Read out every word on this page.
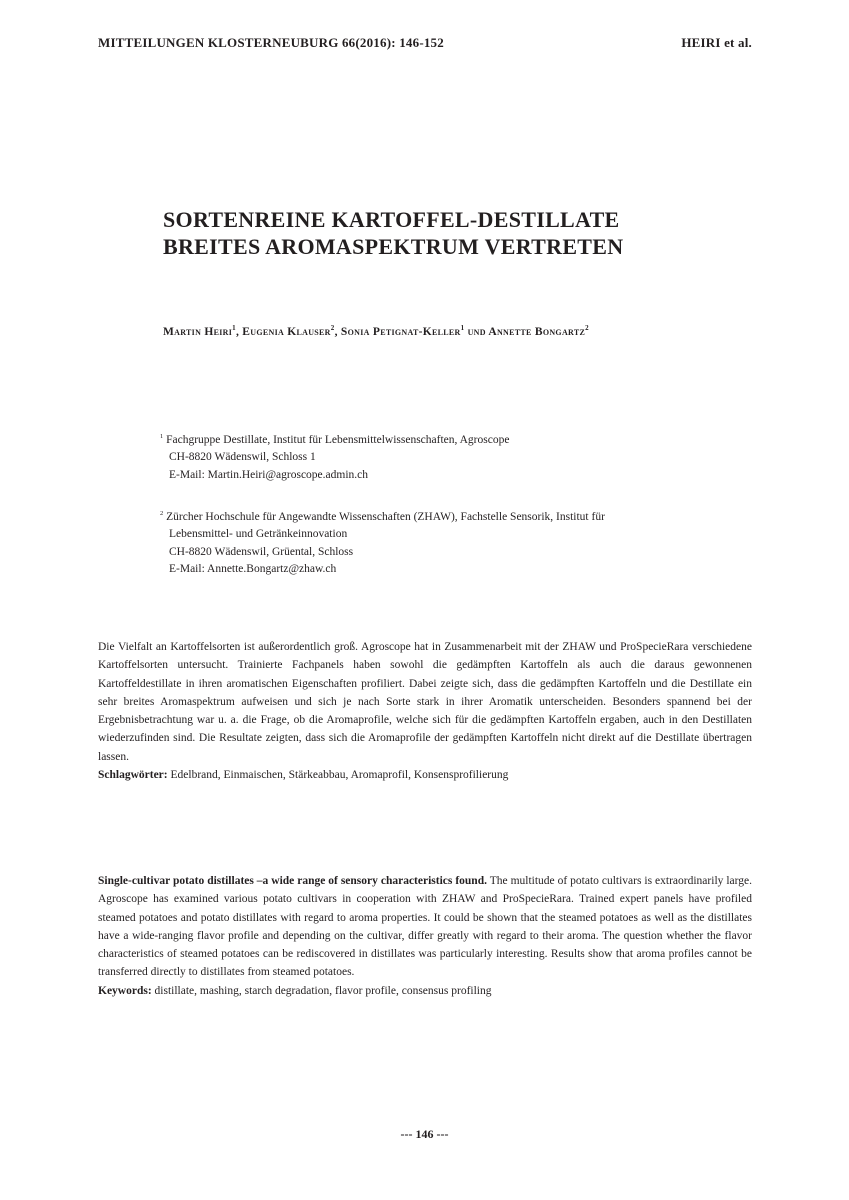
MITTEILUNGEN KLOSTERNEUBURG 66(2016): 146-152	HEIRI et al.
SORTENREINE KARTOFFEL-DESTILLATE
BREITES AROMASPEKTRUM VERTRETEN
Martin Heiri$^1$, Eugenia Klauser$^2$, Sonia Petignat-Keller$^1$ und Annette Bongartz$^2$
$^1$ Fachgruppe Destillate, Institut für Lebensmittelwissenschaften, Agroscope
CH-8820 Wädenswil, Schloss 1
E-Mail: Martin.Heiri@agroscope.admin.ch
$^2$ Zürcher Hochschule für Angewandte Wissenschaften (ZHAW), Fachstelle Sensorik, Institut für
Lebensmittel- und Getränkeinnovation
CH-8820 Wädenswil, Grüental, Schloss
E-Mail: Annette.Bongartz@zhaw.ch

Die Vielfalt an Kartoffelsorten ist außerordentlich groß. Agroscope hat in Zusammenarbeit mit der ZHAW und ProSpecieRara verschiedene Kartoffelsorten untersucht. Trainierte Fachpanels haben sowohl die gedämpften Kartoffeln als auch die daraus gewonnenen Kartoffeldestillate in ihren aromatischen Eigenschaften profiliert. Dabei zeigte sich, dass die gedämpften Kartoffeln und die Destillate ein sehr breites Aromaspektrum aufweisen und sich je nach Sorte stark in ihrer Aromatik unterscheiden. Besonders spannend bei der Ergebnisbetrachtung war u. a. die Frage, ob die Aromaprofile, welche sich für die gedämpften Kartoffeln ergaben, auch in den Destillaten wiederzufinden sind. Die Resultate zeigten, dass sich die Aromaprofile der gedämpften Kartoffeln nicht direkt auf die Destillate übertragen lassen.

Schlagwörter: Edelbrand, Einmaischen, Stärkeabbau, Aromaprofil, Konsensprofilierung

Single-cultivar potato distillates –a wide range of sensory characteristics found. The multitude of potato cultivars is extraordinarily large. Agroscope has examined various potato cultivars in cooperation with ZHAW and ProSpecieRara. Trained expert panels have profiled steamed potatoes and potato distillates with regard to aroma properties. It could be shown that the steamed potatoes as well as the distillates have a wide-ranging flavor profile and depending on the cultivar, differ greatly with regard to their aroma. The question whether the flavor characteristics of steamed potatoes can be rediscovered in distillates was particularly interesting. Results show that aroma profiles cannot be transferred directly to distillates from steamed potatoes.

Keywords: distillate, mashing, starch degradation, flavor profile, consensus profiling

--- 146 ---
